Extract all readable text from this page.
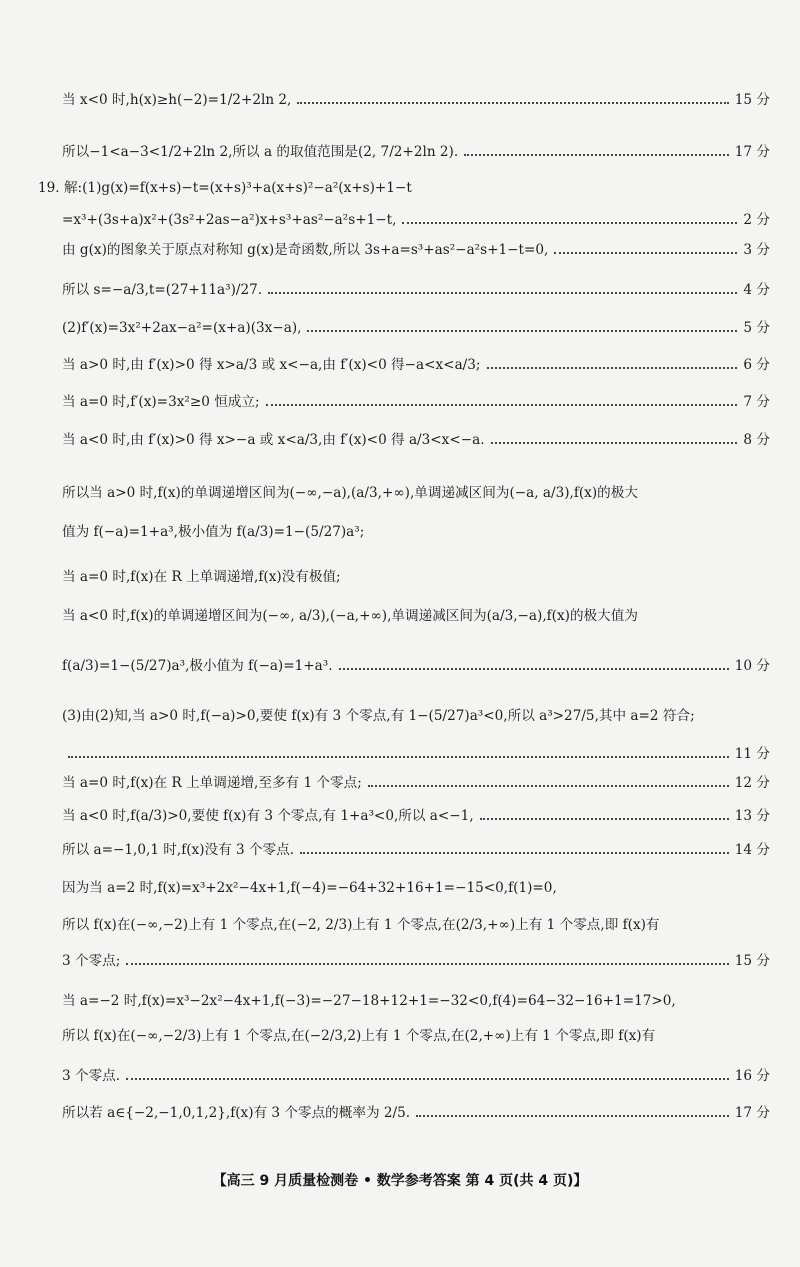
当 x<0 时,h(x)≥h(−2)=1/2+2ln 2,	15 分
所以−1<a−3<1/2+2ln 2,所以 a 的取值范围是(2, 7/2+2ln 2).	17 分
19. 解:(1)g(x)=f(x+s)−t=(x+s)³+a(x+s)²−a²(x+s)+1−t
=x³+(3s+a)x²+(3s²+2as−a²)x+s³+as²−a²s+1−t,	2 分
由 g(x)的图象关于原点对称知 g(x)是奇函数,所以 3s+a=s³+as²−a²s+1−t=0,	3 分
所以 s=−a/3,t=(27+11a³)/27.	4 分
(2)f′(x)=3x²+2ax−a²=(x+a)(3x−a),	5 分
当 a>0 时,由 f′(x)>0 得 x>a/3 或 x<−a,由 f′(x)<0 得−a<x<a/3;	6 分
当 a=0 时,f′(x)=3x²≥0 恒成立;	7 分
当 a<0 时,由 f′(x)>0 得 x>−a 或 x<a/3,由 f′(x)<0 得 a/3<x<−a.	8 分
所以当 a>0 时,f(x)的单调递增区间为(−∞,−a),(a/3,+∞),单调递减区间为(−a, a/3),f(x)的极大
值为 f(−a)=1+a³,极小值为 f(a/3)=1−(5/27)a³;
当 a=0 时,f(x)在 R 上单调递增,f(x)没有极值;
当 a<0 时,f(x)的单调递增区间为(−∞, a/3),(−a,+∞),单调递减区间为(a/3,−a),f(x)的极大值为
f(a/3)=1−(5/27)a³,极小值为 f(−a)=1+a³.	10 分
(3)由(2)知,当 a>0 时,f(−a)>0,要使 f(x)有 3 个零点,有 1−(5/27)a³<0,所以 a³>27/5,其中 a=2 符合;
11 分
当 a=0 时,f(x)在 R 上单调递增,至多有 1 个零点;	12 分
当 a<0 时,f(a/3)>0,要使 f(x)有 3 个零点,有 1+a³<0,所以 a<−1,	13 分
所以 a=−1,0,1 时,f(x)没有 3 个零点.	14 分
因为当 a=2 时,f(x)=x³+2x²−4x+1,f(−4)=−64+32+16+1=−15<0,f(1)=0,
所以 f(x)在(−∞,−2)上有 1 个零点,在(−2, 2/3)上有 1 个零点,在(2/3,+∞)上有 1 个零点,即 f(x)有
3 个零点;	15 分
当 a=−2 时,f(x)=x³−2x²−4x+1,f(−3)=−27−18+12+1=−32<0,f(4)=64−32−16+1=17>0,
所以 f(x)在(−∞,−2/3)上有 1 个零点,在(−2/3,2)上有 1 个零点,在(2,+∞)上有 1 个零点,即 f(x)有
3 个零点.	16 分
所以若 a∈{−2,−1,0,1,2},f(x)有 3 个零点的概率为 2/5.	17 分
【高三 9 月质量检测卷 • 数学参考答案 第 4 页(共 4 页)】
